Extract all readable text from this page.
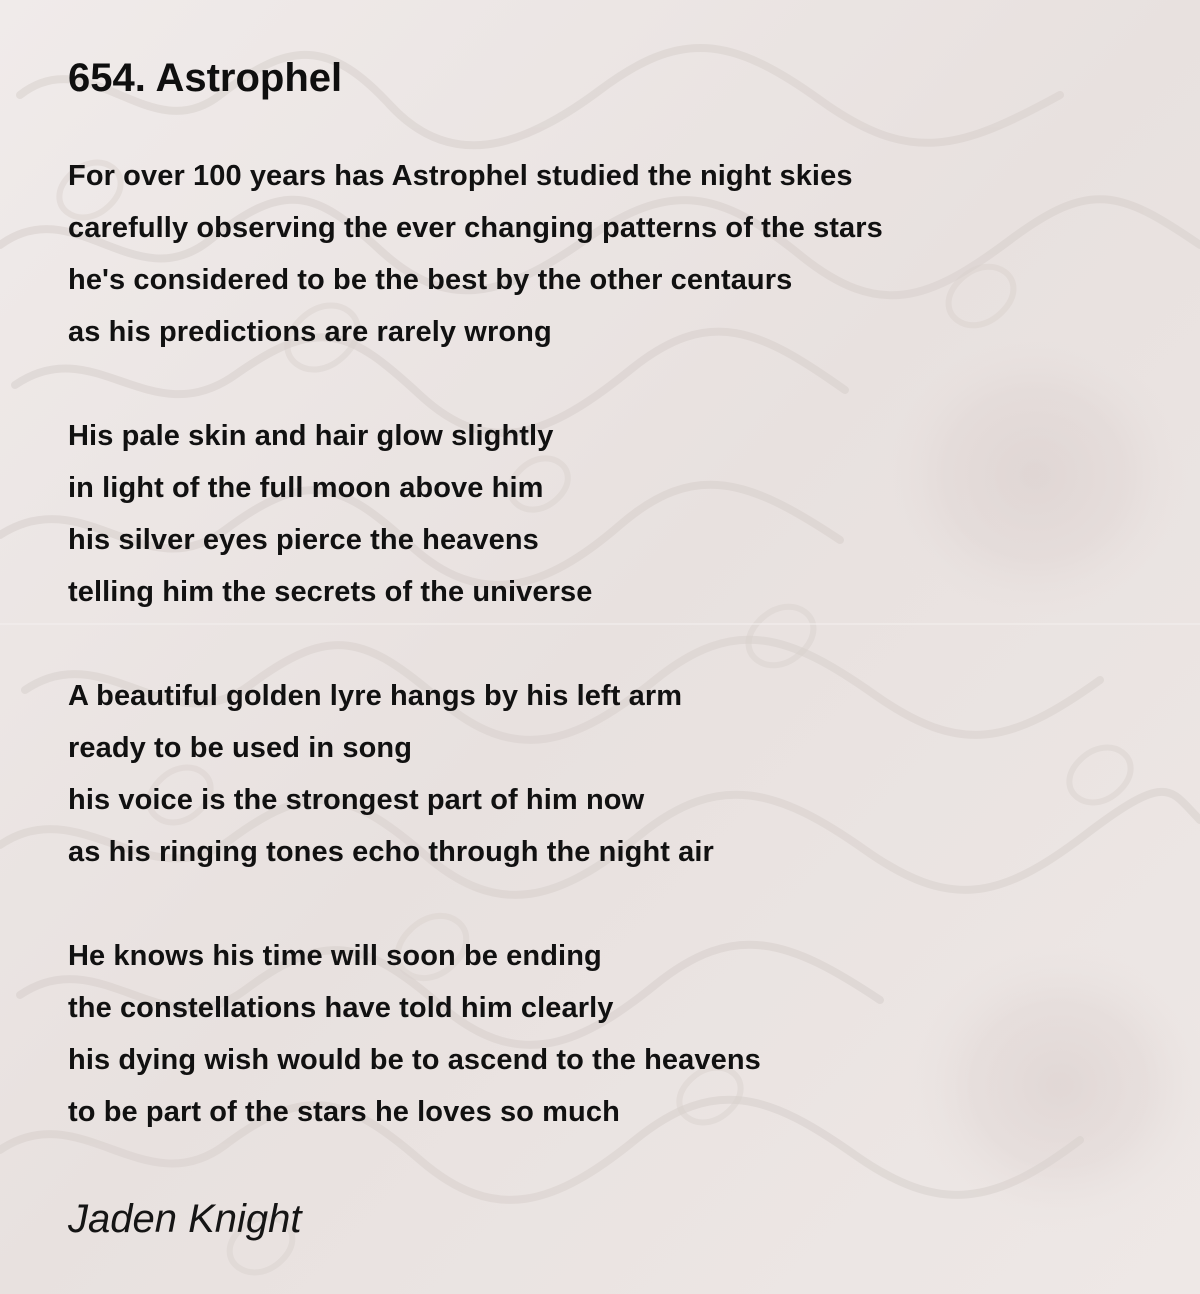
654. Astrophel
For over 100 years has Astrophel studied the night skies
carefully observing the ever changing patterns of the stars
he's considered to be the best by the other centaurs
as his predictions are rarely wrong
His pale skin and hair glow slightly
in light of the full moon above him
his silver eyes pierce the heavens
telling him the secrets of the universe
A beautiful golden lyre hangs by his left arm
ready to be used in song
his voice is the strongest part of him now
as his ringing tones echo through the night air
He knows his time will soon be ending
the constellations have told him clearly
his dying wish would be to ascend to the heavens
to be part of the stars he loves so much

Jaden Knight
